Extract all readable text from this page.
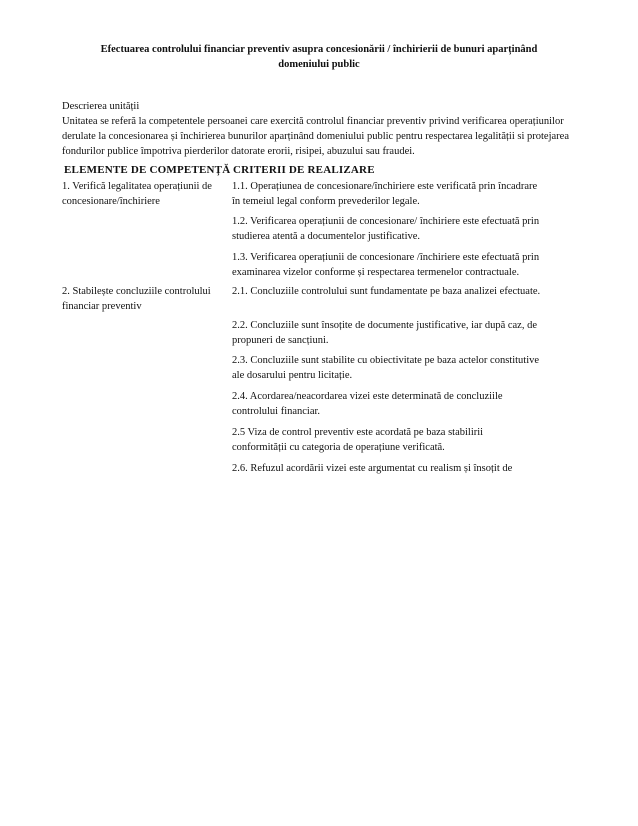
Efectuarea controlului financiar preventiv asupra concesionării / închirierii de bunuri aparținând
domeniului public

Descrierea unității

Unitatea se referă la competentele persoanei care exercită controlul financiar preventiv privind verificarea operațiunilor derulate la concesionarea și închirierea bunurilor aparținând domeniului public pentru respectarea legalității si protejarea fondurilor publice împotriva pierderilor datorate erorii, risipei, abuzului sau fraudei.

ELEMENTE DE COMPETENȚĂ CRITERII DE REALIZARE
1. Verifică legalitatea operațiunii de concesionare/închiriere
2. Stabilește concluziile controlului financiar preventiv
1.1. Operațiunea de concesionare/închiriere este verificată prin încadrare
în temeiul legal conform prevederilor legale.
1.2. Verificarea operațiunii de concesionare/ închiriere este efectuată prin
studierea atentă a documentelor justificative.
1.3. Verificarea operațiunii de concesionare /închiriere este efectuată prin
examinarea vizelor conforme și respectarea termenelor contractuale.
2.1. Concluziile controlului sunt fundamentate pe baza analizei efectuate.
2.2. Concluziile sunt însoțite de documente justificative, iar după caz, de
propuneri de sancțiuni.
2.3. Concluziile sunt stabilite cu obiectivitate pe baza actelor constitutive
ale dosarului pentru licitație.
2.4. Acordarea/neacordarea vizei este determinată de concluziile
controlului financiar.
2.5 Viza de control preventiv este acordată pe baza stabilirii
conformității cu categoria de operațiune verificată.
2.6. Refuzul acordării vizei este argumentat cu realism și însoțit de
